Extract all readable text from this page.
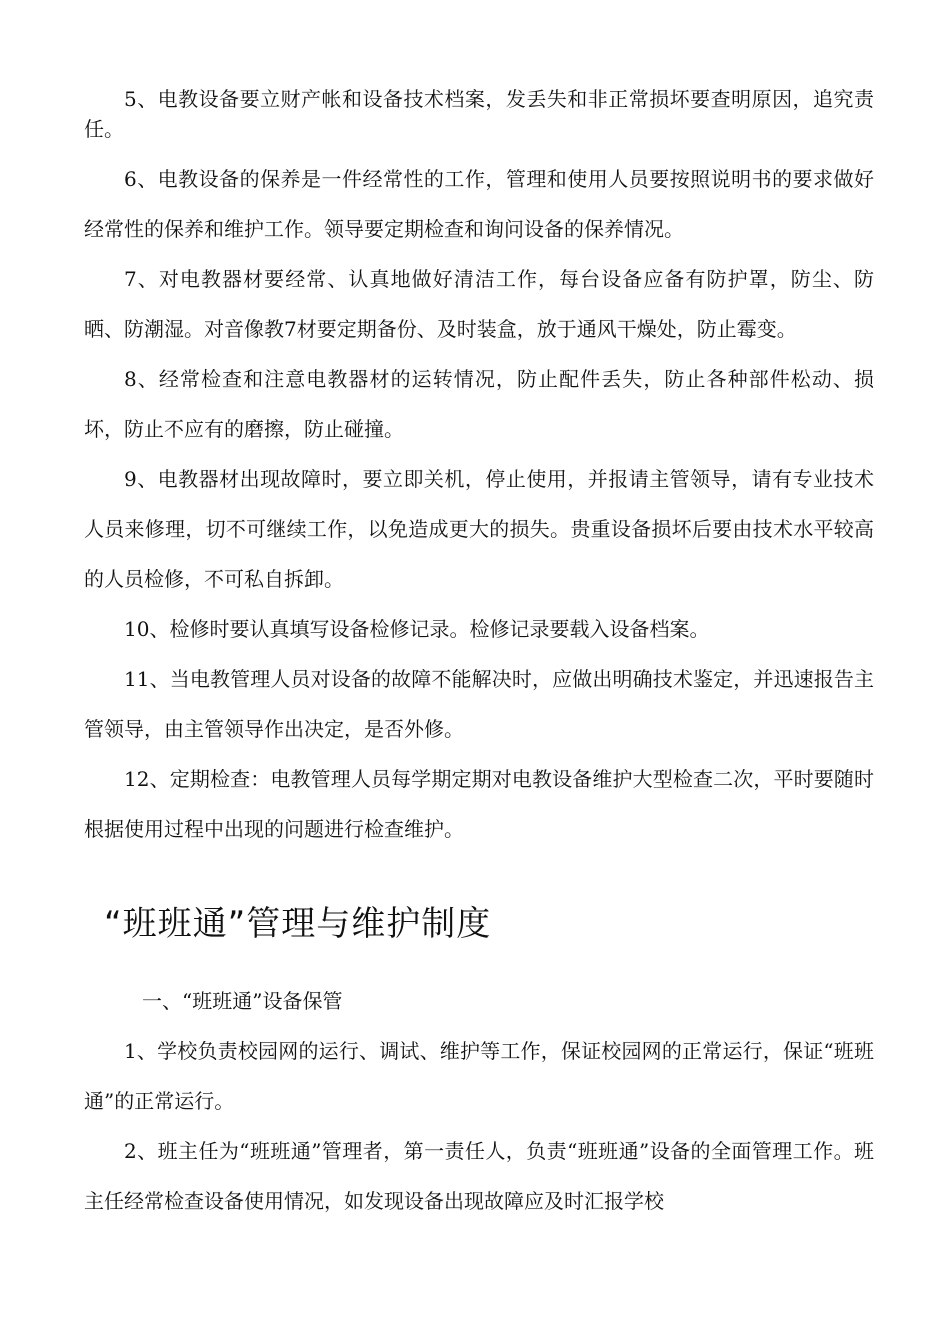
5、电教设备要立财产帐和设备技术档案，发丢失和非正常损坏要查明原因，追究责任。

6、电教设备的保养是一件经常性的工作，管理和使用人员要按照说明书的要求做好经常性的保养和维护工作。领导要定期检查和询问设备的保养情况。

7、对电教器材要经常、认真地做好清洁工作，每台设备应备有防护罩，防尘、防晒、防潮湿。对音像教7材要定期备份、及时装盒，放于通风干燥处，防止霉变。

8、经常检查和注意电教器材的运转情况，防止配件丢失，防止各种部件松动、损坏，防止不应有的磨擦，防止碰撞。

9、电教器材出现故障时，要立即关机，停止使用，并报请主管领导，请有专业技术人员来修理，切不可继续工作，以免造成更大的损失。贵重设备损坏后要由技术水平较高的人员检修，不可私自拆卸。

10、检修时要认真填写设备检修记录。检修记录要载入设备档案。

11、当电教管理人员对设备的故障不能解决时，应做出明确技术鉴定，并迅速报告主管领导，由主管领导作出决定，是否外修。

12、定期检查：电教管理人员每学期定期对电教设备维护大型检查二次，平时要随时根据使用过程中出现的问题进行检查维护。

“班班通”管理与维护制度

一、“班班通”设备保管

1、学校负责校园网的运行、调试、维护等工作，保证校园网的正常运行，保证“班班通”的正常运行。

2、班主任为“班班通”管理者，第一责任人，负责“班班通”设备的全面管理工作。班主任经常检查设备使用情况，如发现设备出现故障应及时汇报学校
